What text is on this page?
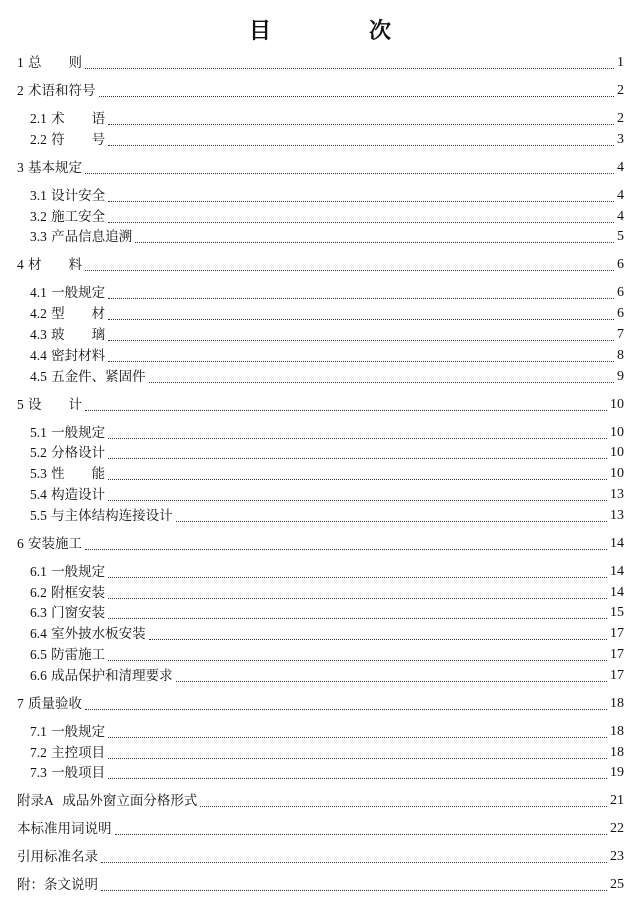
目　次
1 总　　则	1
2 术语和符号	2
2.1 术　　语	2
2.2 符　　号	3
3 基本规定	4
3.1 设计安全	4
3.2 施工安全	4
3.3 产品信息追溯	5
4 材　　料	6
4.1 一般规定	6
4.2 型　　材	6
4.3 玻　　璃	7
4.4 密封材料	8
4.5 五金件、紧固件	9
5 设　　计	10
5.1 一般规定	10
5.2 分格设计	10
5.3 性　　能	10
5.4 构造设计	13
5.5 与主体结构连接设计	13
6 安装施工	14
6.1 一般规定	14
6.2 附框安装	14
6.3 门窗安装	15
6.4 室外披水板安装	17
6.5 防雷施工	17
6.6 成品保护和清理要求	17
7 质量验收	18
7.1 一般规定	18
7.2 主控项目	18
7.3 一般项目	19
附录A 成品外窗立面分格形式	21
本标准用词说明	22
引用标准名录	23
附：条文说明	25
